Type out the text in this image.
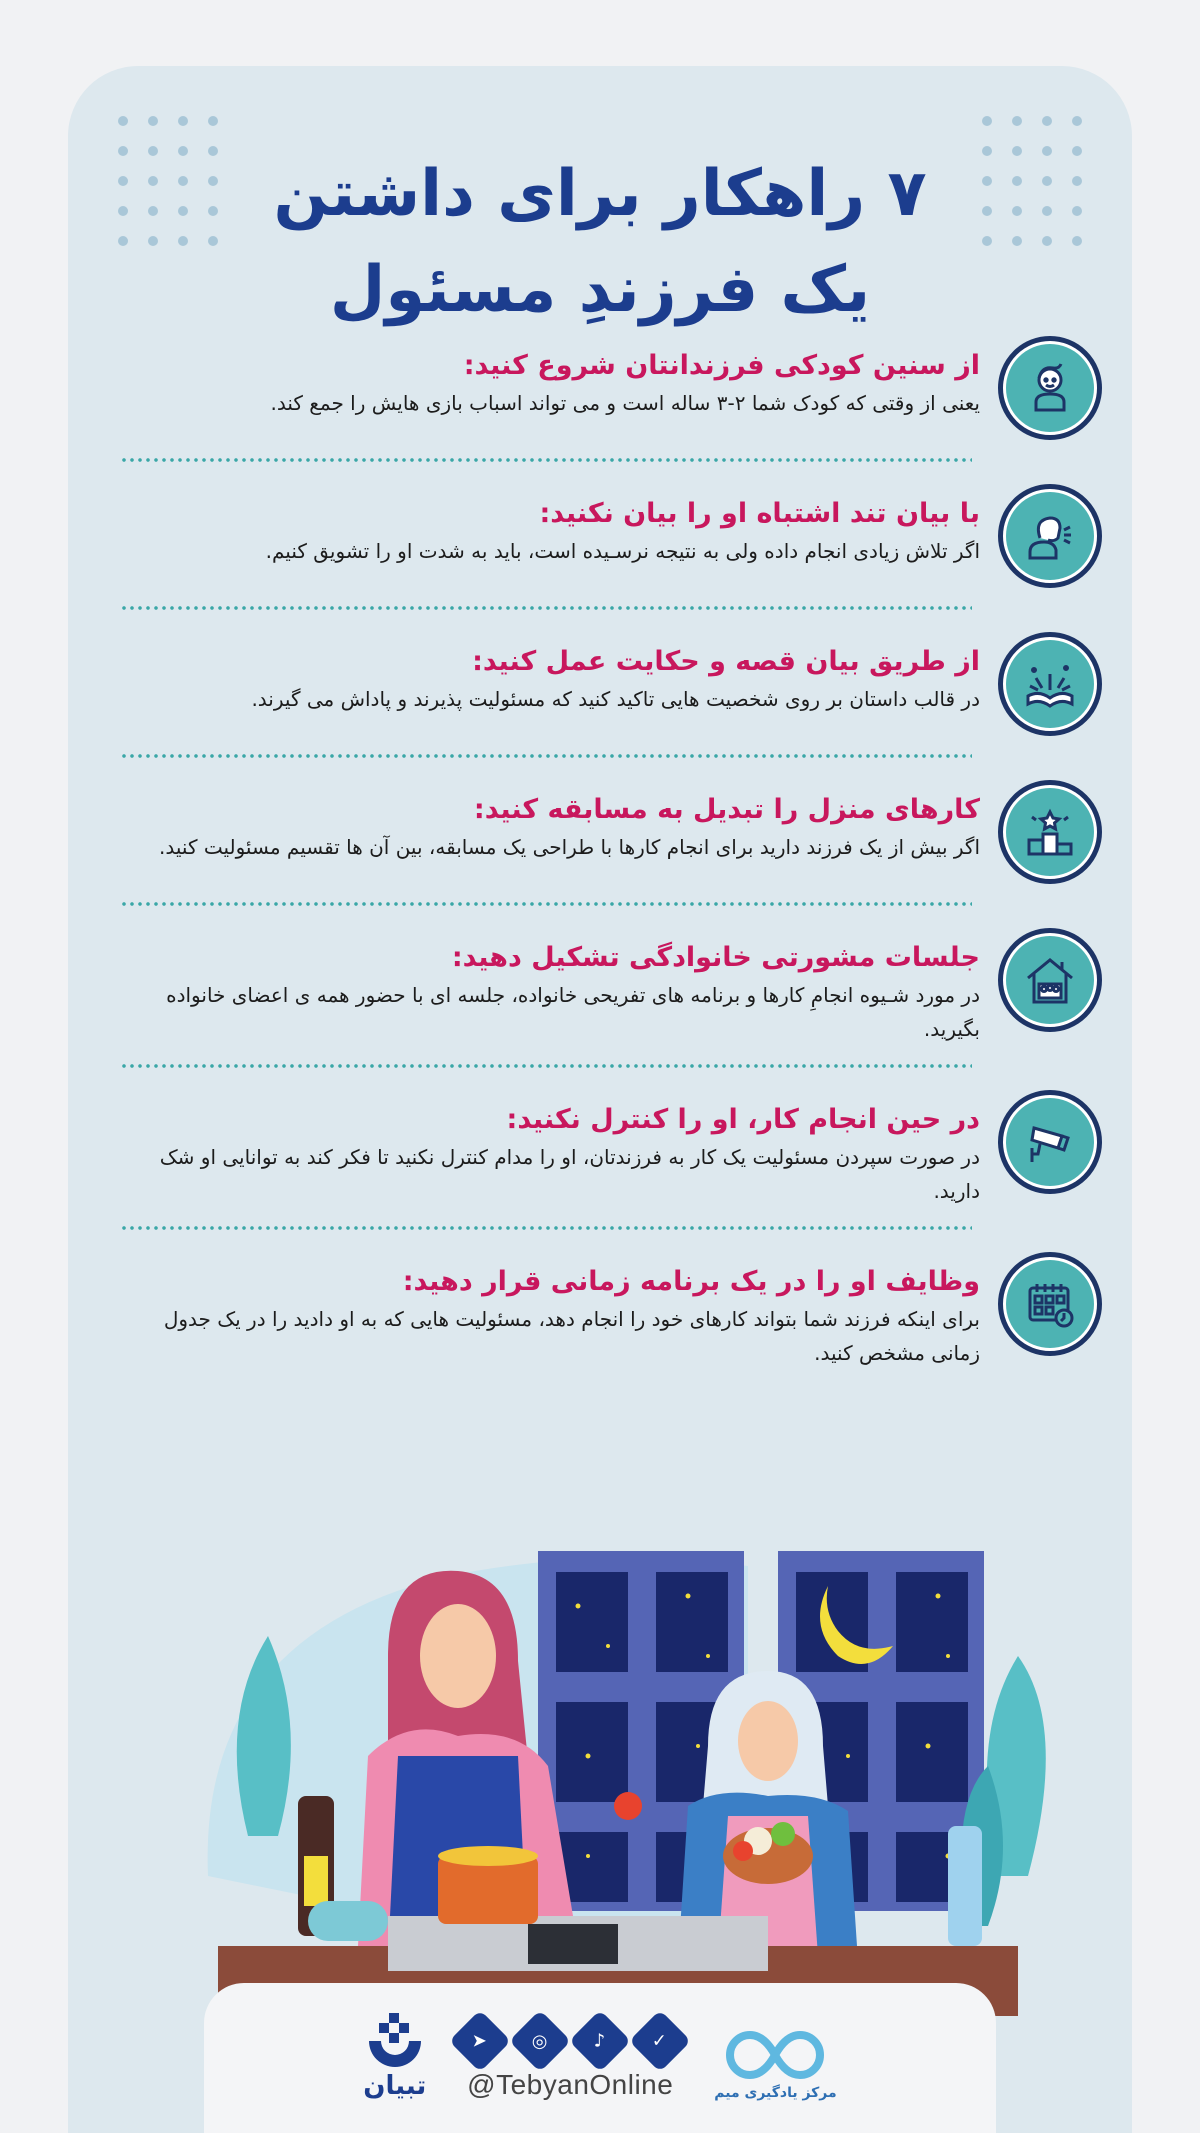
۷ راهکار برای داشتن
یک فرزندِ مسئول
از سنین کودکی فرزندانتان شروع کنید:
یعنی از وقتی که کودک شما ۲-۳ ساله است و می تواند اسباب بازی هایش را جمع کند.
با بیان تند اشتباه او را بیان نکنید:
اگر تلاش زیادی انجام داده ولی به نتیجه نرسـیده است، باید به شدت او را تشویق کنیم.
از طریق بیان قصه و حکایت عمل کنید:
در قالب داستان بر روی شخصیت هایی تاکید کنید که مسئولیت پذیرند و پاداش می گیرند.
کارهای منزل را تبدیل به مسابقه کنید:
اگر بیش از یک فرزند دارید برای انجام کارها با طراحی یک مسابقه، بین آن ها تقسیم مسئولیت کنید.
جلسات مشورتی خانوادگی تشکیل دهید:
در مورد شـیوه انجامِ کارها و برنامه های تفریحی خانواده، جلسه ای با حضور همه ی اعضای خانواده بگیرید.
در حین انجام کار، او را کنترل نکنید:
در صورت سپردن مسئولیت یک کار به فرزندتان، او را مدام کنترل نکنید تا فکر کند به توانایی او شک دارید.
وظایف او را در یک برنامه زمانی قرار دهید:
برای اینکه فرزند شما بتواند کارهای خود را انجام دهد، مسئولیت هایی که به او دادید را در یک جدول زمانی مشخص کنید.
تبیان
➤ ◎	♪	✓
@TebyanOnline	مرکز یادگیری میم
